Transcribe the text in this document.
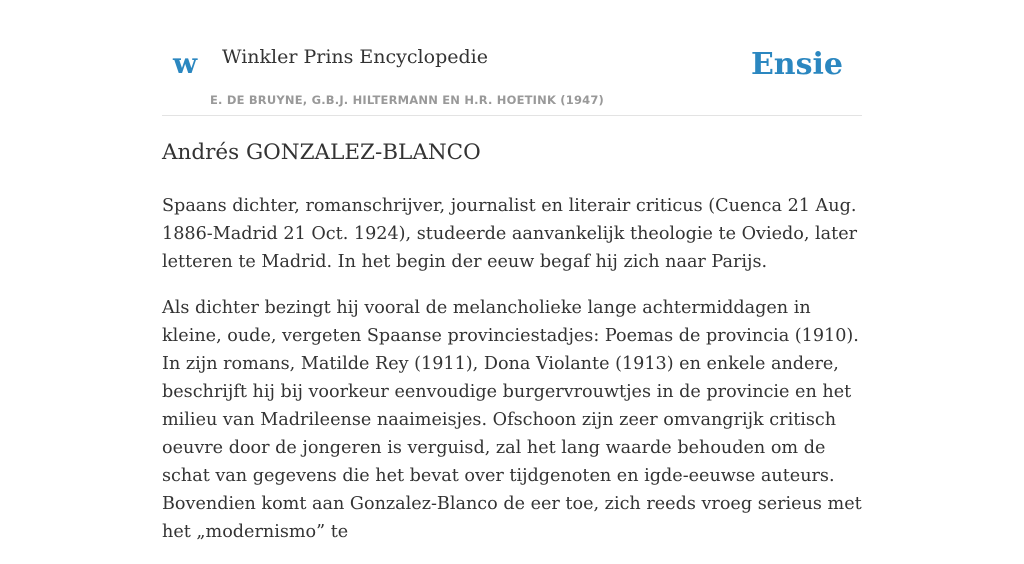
w Winkler Prins Encyclopedie
E. DE BRUYNE, G.B.J. HILTERMANN EN H.R. HOETINK (1947)
Ensie
Andrés GONZALEZ-BLANCO

Spaans dichter, romanschrijver, journalist en literair criticus (Cuenca 21 Aug. 1886-Madrid 21 Oct. 1924), studeerde aanvankelijk theologie te Oviedo, later letteren te Madrid. In het begin der eeuw begaf hij zich naar Parijs.

Als dichter bezingt hij vooral de melancholieke lange achtermiddagen in kleine, oude, vergeten Spaanse provinciestadjes: Poemas de provincia (1910). In zijn romans, Matilde Rey (1911), Dona Violante (1913) en enkele andere, beschrijft hij bij voorkeur eenvoudige burgervrouwtjes in de provincie en het milieu van Madrileense naaimeisjes. Ofschoon zijn zeer omvangrijk critisch oeuvre door de jongeren is verguisd, zal het lang waarde behouden om de schat van gegevens die het bevat over tijdgenoten en igde-eeuwse auteurs. Bovendien komt aan Gonzalez-Blanco de eer toe, zich reeds vroeg serieus met het „modernismo” te
